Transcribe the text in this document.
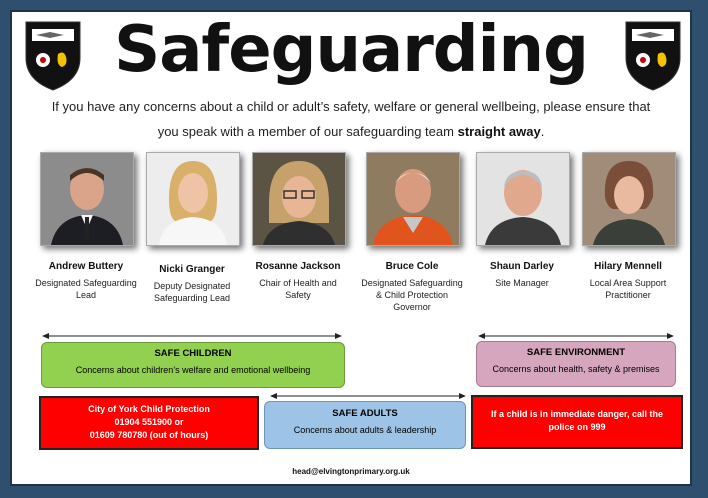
Safeguarding
If you have any concerns about a child or adult’s safety, welfare or general wellbeing, please ensure that you speak with a member of our safeguarding team straight away.
Andrew Buttery
Designated Safeguarding Lead
Nicki Granger
Deputy Designated Safeguarding Lead
Rosanne Jackson
Chair of Health and Safety
Bruce Cole
Designated Safeguarding & Child Protection Governor
Shaun Darley
Site Manager
Hilary Mennell
Local Area Support Practitioner
SAFE CHILDREN
Concerns about children’s welfare and emotional wellbeing
SAFE ENVIRONMENT
Concerns about health, safety & premises
SAFE ADULTS
Concerns about adults & leadership
City of York Child Protection
01904 551900 or
01609 780780 (out of hours)
If a child is in immediate danger, call the police on 999
head@elvingtonprimary.org.uk
